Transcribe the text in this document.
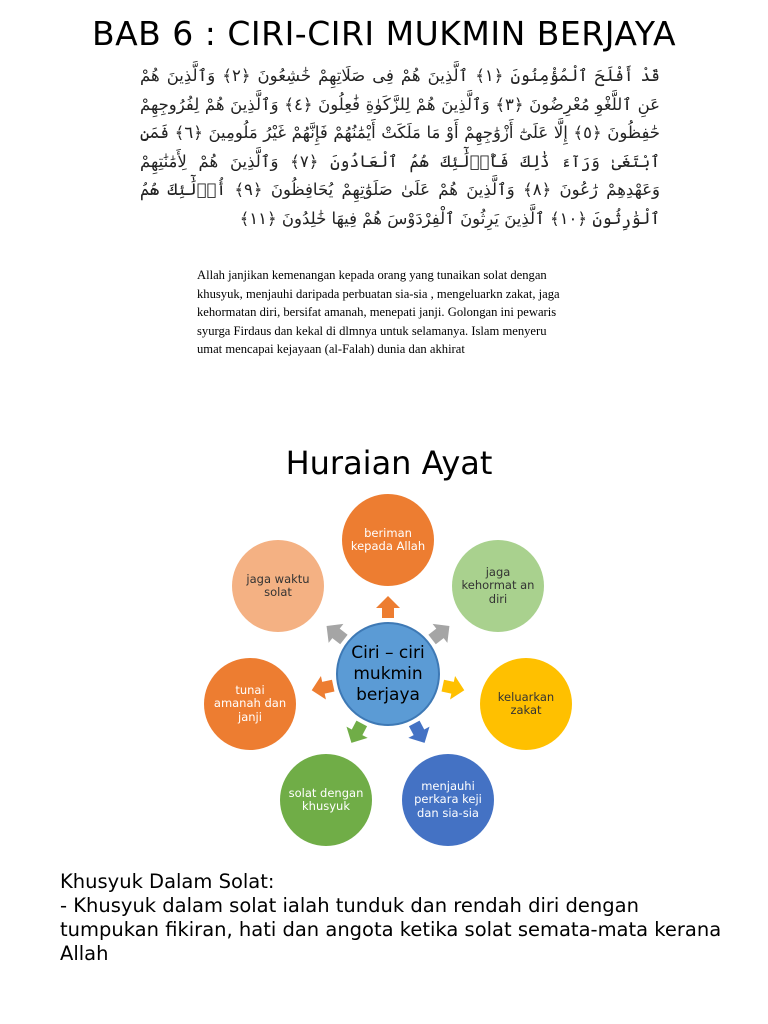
BAB 6 : CIRI-CIRI MUKMIN BERJAYA
قَدْ أَفْلَحَ ٱلْمُؤْمِنُونَ ﴿١﴾ ٱلَّذِينَ هُمْ فِى صَلَاتِهِمْ خَٰشِعُونَ ﴿٢﴾ وَٱلَّذِينَ هُمْ عَنِ ٱللَّغْوِ مُعْرِضُونَ ﴿٣﴾ وَٱلَّذِينَ هُمْ لِلزَّكَوٰةِ فَٰعِلُونَ ﴿٤﴾ وَٱلَّذِينَ هُمْ لِفُرُوجِهِمْ حَٰفِظُونَ ﴿٥﴾ إِلَّا عَلَىٰٓ أَزْوَٰجِهِمْ أَوْ مَا مَلَكَتْ أَيْمَٰنُهُمْ فَإِنَّهُمْ غَيْرُ مَلُومِينَ ﴿٦﴾ فَمَنِ ٱبْتَغَىٰ وَرَآءَ ذَٰلِكَ فَأُو۟لَٰٓئِكَ هُمُ ٱلْعَادُونَ ﴿٧﴾ وَٱلَّذِينَ هُمْ لِأَمَٰنَٰتِهِمْ وَعَهْدِهِمْ رَٰعُونَ ﴿٨﴾ وَٱلَّذِينَ هُمْ عَلَىٰ صَلَوَٰتِهِمْ يُحَافِظُونَ ﴿٩﴾ أُو۟لَٰٓئِكَ هُمُ ٱلْوَٰرِثُونَ ﴿١٠﴾ ٱلَّذِينَ يَرِثُونَ ٱلْفِرْدَوْسَ هُمْ فِيهَا خَٰلِدُونَ ﴿١١﴾
Allah janjikan kemenangan kepada orang yang tunaikan solat dengan khusyuk, menjauhi daripada perbuatan sia-sia , mengeluarkn zakat, jaga kehormatan diri, bersifat amanah, menepati janji. Golongan ini pewaris syurga Firdaus dan kekal di dlmnya untuk selamanya. Islam menyeru umat mencapai kejayaan (al-Falah) dunia dan akhirat
Huraian Ayat
beriman kepada Allah
jaga kehormat an diri
keluarkan zakat
menjauhi perkara keji dan sia-sia
solat dengan khusyuk
tunai amanah dan janji
jaga waktu solat
Ciri – ciri mukmin berjaya

Khusyuk Dalam Solat:

- Khusyuk dalam solat ialah tunduk dan rendah diri dengan tumpukan fikiran, hati dan angota ketika solat semata-mata kerana Allah
